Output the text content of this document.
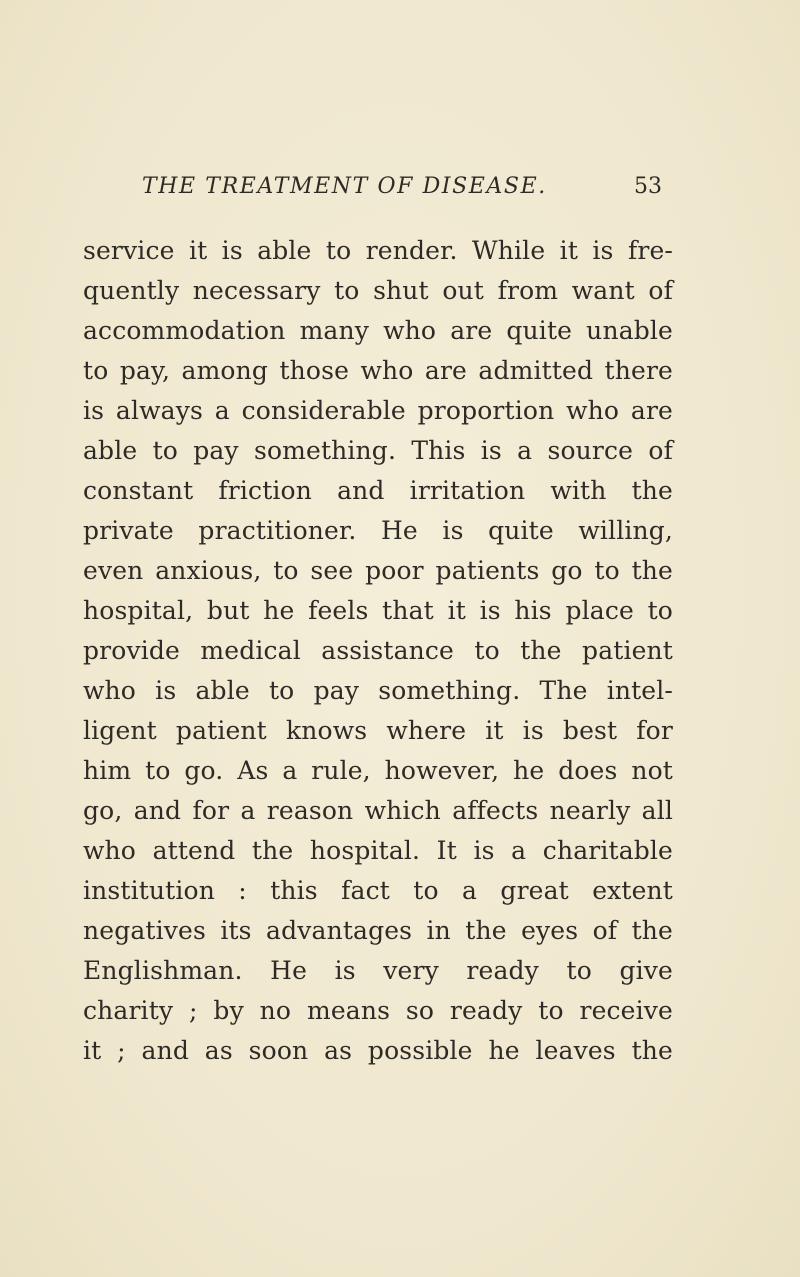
THE TREATMENT OF DISEASE.	53
service it is able to render. While it is fre-
quently necessary to shut out from want of
accommodation many who are quite unable
to pay, among those who are admitted there
is always a considerable proportion who are
able to pay something. This is a source of
constant friction and irritation with the
private practitioner. He is quite willing,
even anxious, to see poor patients go to the
hospital, but he feels that it is his place to
provide medical assistance to the patient
who is able to pay something. The intel-
ligent patient knows where it is best for
him to go. As a rule, however, he does not
go, and for a reason which affects nearly all
who attend the hospital. It is a charitable
institution : this fact to a great extent
negatives its advantages in the eyes of the
Englishman. He is very ready to give
charity ; by no means so ready to receive
it ; and as soon as possible he leaves the
